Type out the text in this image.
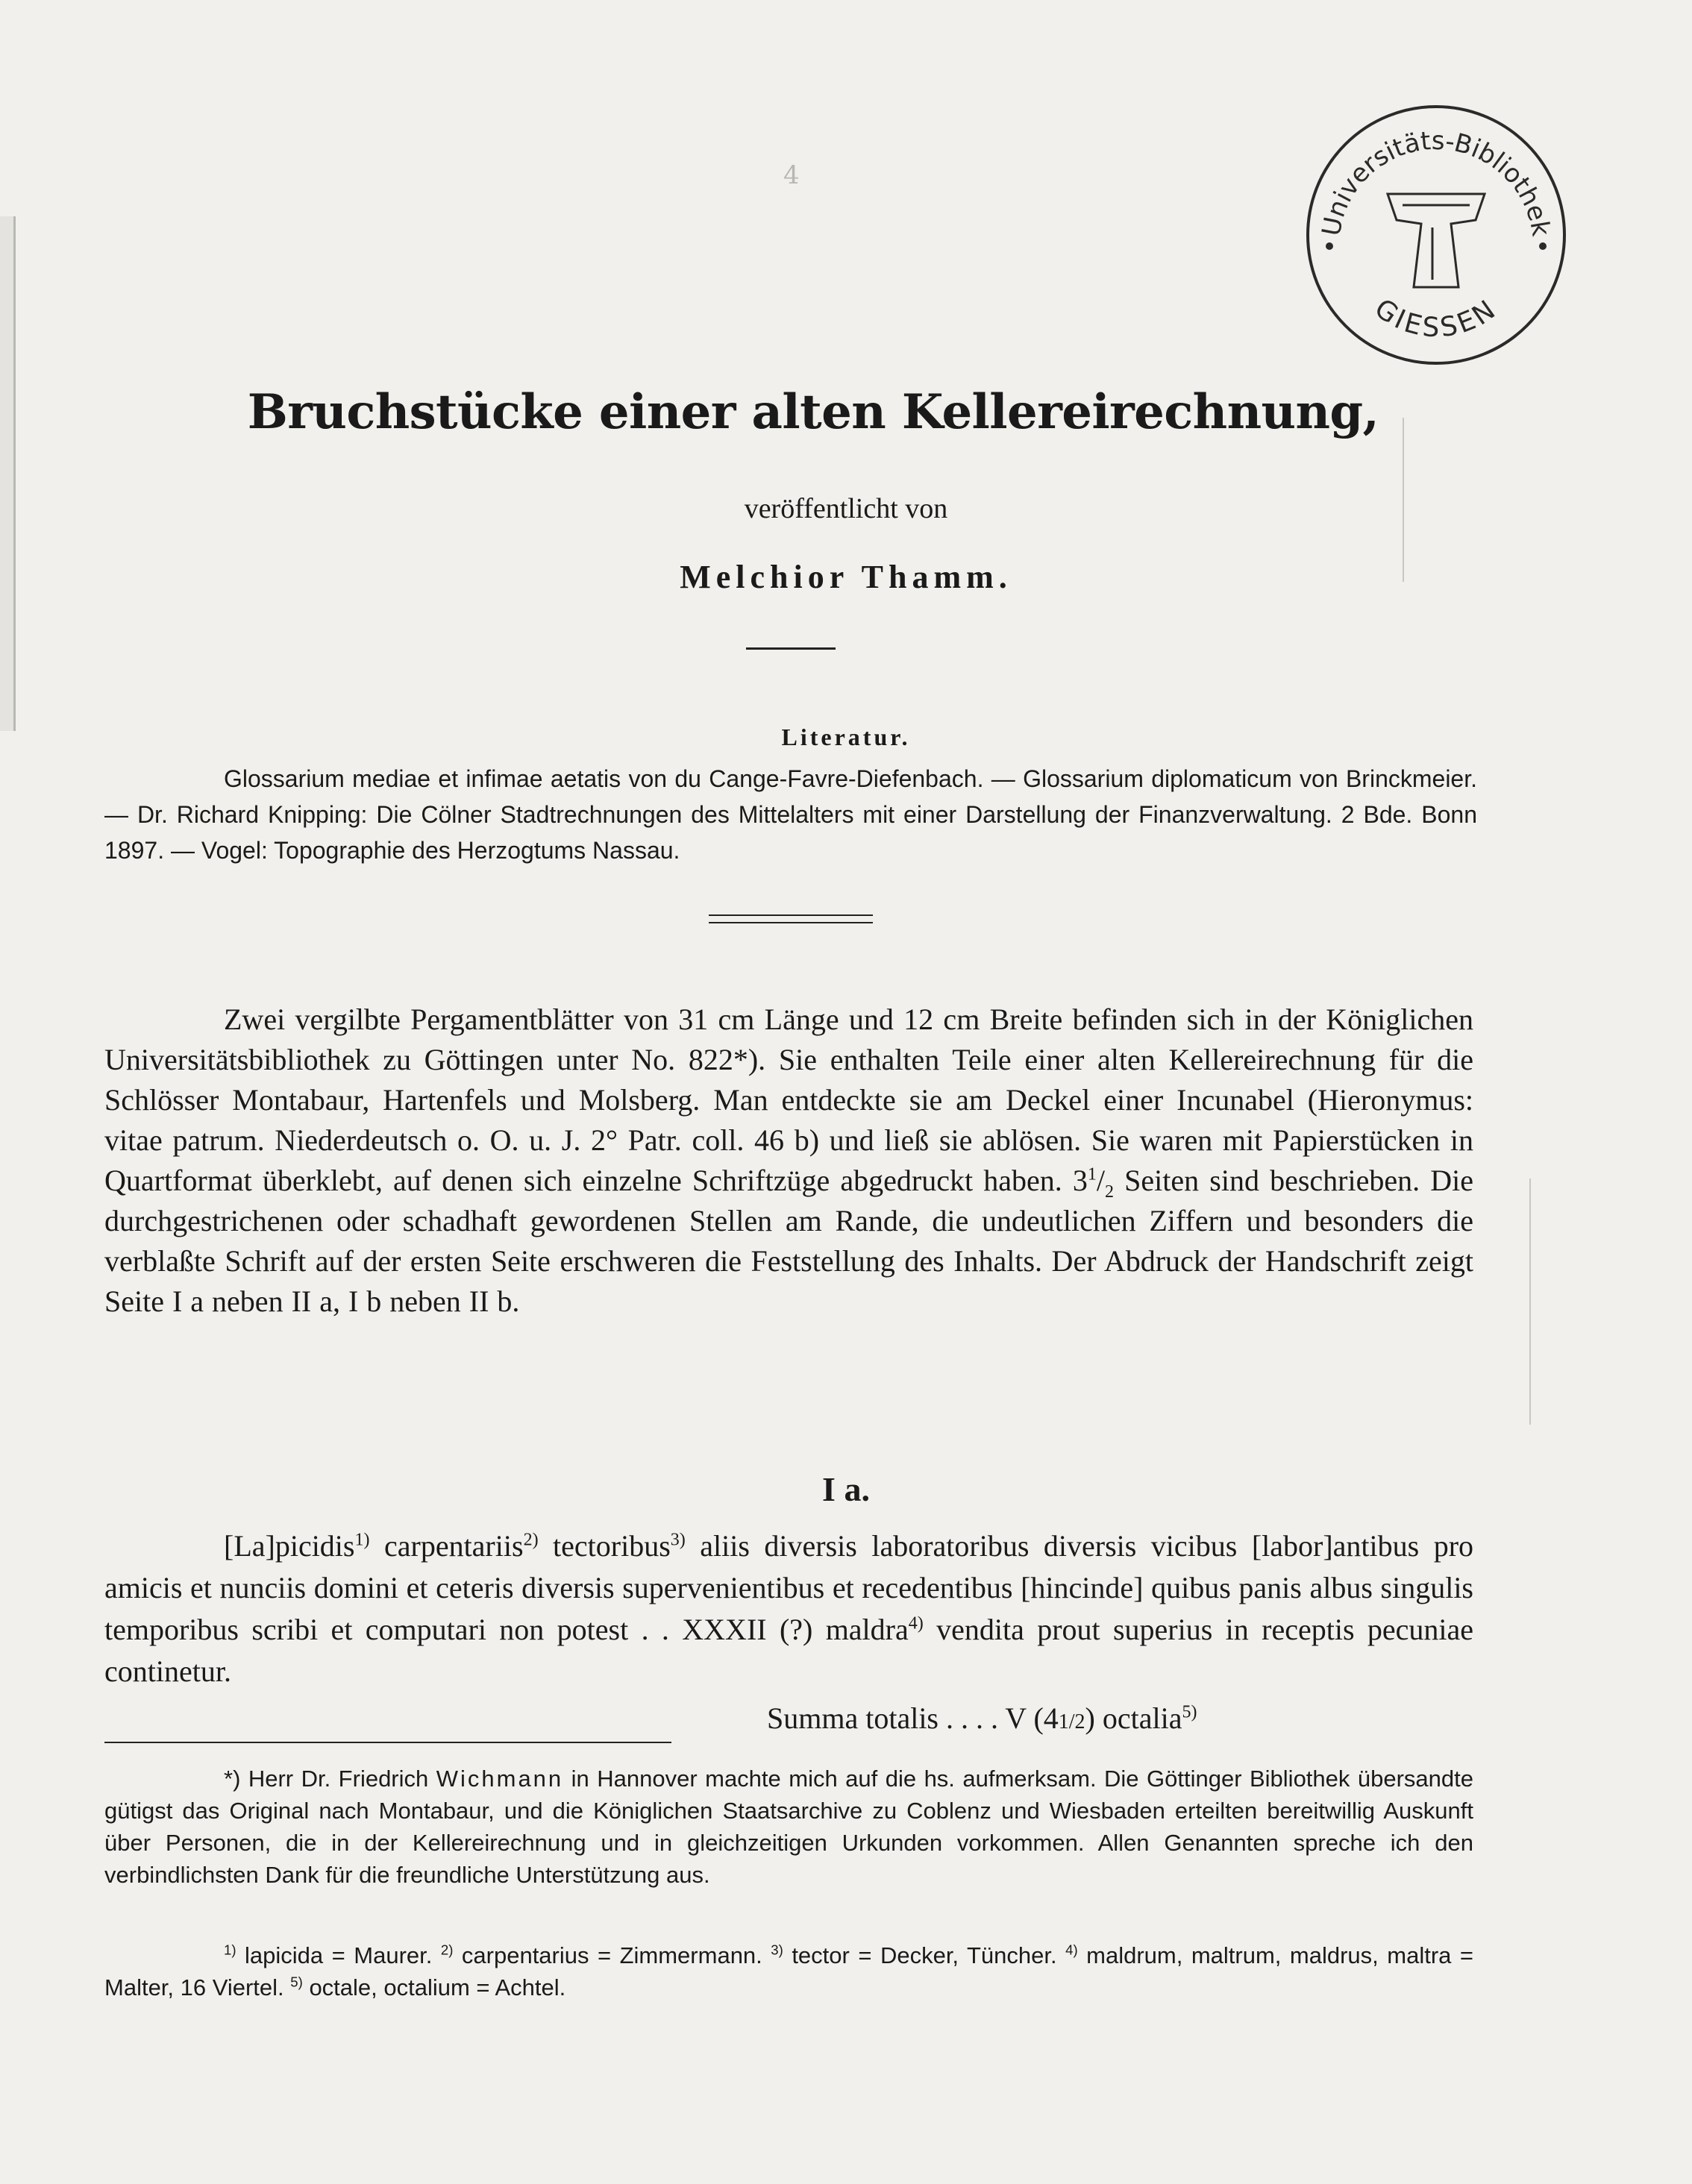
4
Universitäts-Bibliothek
GIESSEN
Bruchstücke einer alten Kellereirechnung,
veröffentlicht von
Melchior Thamm.
Literatur.
Glossarium mediae et infimae aetatis von du Cange-Favre-Diefenbach. — Glossarium diplomaticum von Brinckmeier. — Dr. Richard Knipping: Die Cölner Stadtrechnungen des Mittelalters mit einer Darstellung der Finanzverwaltung. 2 Bde. Bonn 1897. — Vogel: Topographie des Herzogtums Nassau.
Zwei vergilbte Pergamentblätter von 31 cm Länge und 12 cm Breite befinden sich in der Königlichen Universitätsbibliothek zu Göttingen unter No. 822*). Sie enthalten Teile einer alten Kellereirechnung für die Schlösser Montabaur, Hartenfels und Molsberg. Man entdeckte sie am Deckel einer Incunabel (Hieronymus: vitae patrum. Niederdeutsch o. O. u. J. 2° Patr. coll. 46 b) und ließ sie ablösen. Sie waren mit Papierstücken in Quartformat überklebt, auf denen sich einzelne Schriftzüge abgedruckt haben. $3^1/_2$ Seiten sind beschrieben. Die durchgestrichenen oder schadhaft gewordenen Stellen am Rande, die undeutlichen Ziffern und besonders die verblaßte Schrift auf der ersten Seite erschweren die Feststellung des Inhalts. Der Abdruck der Handschrift zeigt Seite I a neben II a, I b neben II b.
I a.
[La]picidis$^{1)}$ carpentariis$^{2)}$ tectoribus$^{3)}$ aliis diversis laboratoribus diversis vicibus [labor]antibus pro amicis et nunciis domini et ceteris diversis supervenientibus et recedentibus [hincinde] quibus panis albus singulis temporibus scribi et computari non potest . . XXXII (?) maldra$^{4)}$ vendita prout superius in receptis pecuniae continetur.
Summa totalis . . . . V (41/2) octalia$^{5)}$
*) Herr Dr. Friedrich Wichmann in Hannover machte mich auf die hs. aufmerksam. Die Göttinger Bibliothek übersandte gütigst das Original nach Montabaur, und die Königlichen Staatsarchive zu Coblenz und Wiesbaden erteilten bereitwillig Auskunft über Personen, die in der Kellereirechnung und in gleichzeitigen Urkunden vorkommen. Allen Genannten spreche ich den verbindlichsten Dank für die freundliche Unterstützung aus.
$^{1)}$ lapicida = Maurer. $^{2)}$ carpentarius = Zimmermann. $^{3)}$ tector = Decker, Tüncher. $^{4)}$ maldrum, maltrum, maldrus, maltra = Malter, 16 Viertel. $^{5)}$ octale, octalium = Achtel.
